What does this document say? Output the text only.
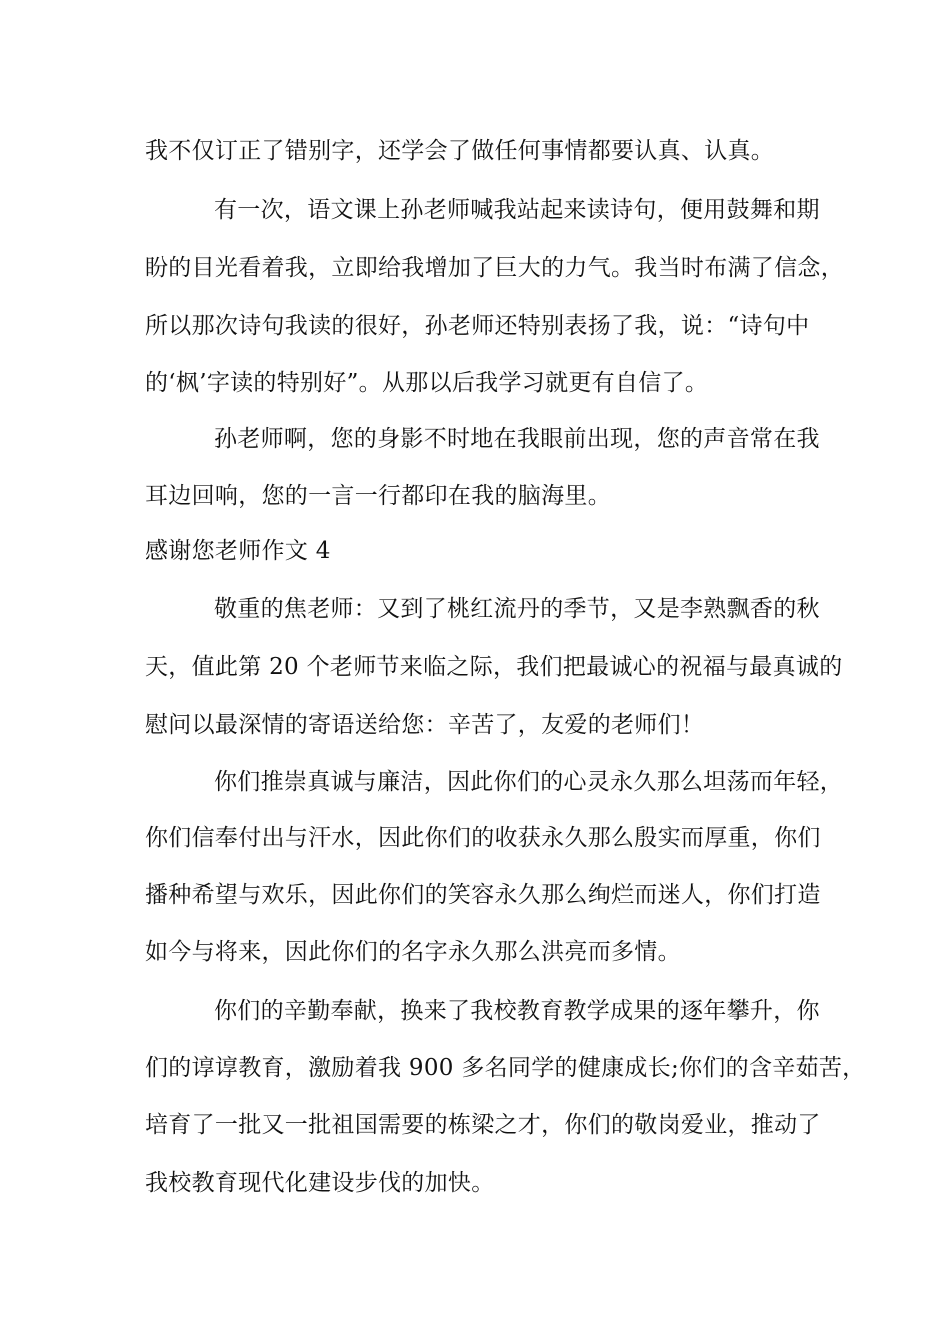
我不仅订正了错别字，还学会了做任何事情都要认真、认真。
有一次，语文课上孙老师喊我站起来读诗句，便用鼓舞和期
盼的目光看着我，立即给我增加了巨大的力气。我当时布满了信念，
所以那次诗句我读的很好，孙老师还特别表扬了我，说：“诗句中
的‘枫’字读的特别好”。从那以后我学习就更有自信了。
孙老师啊，您的身影不时地在我眼前出现，您的声音常在我
耳边回响，您的一言一行都印在我的脑海里。
感谢您老师作文 4
敬重的焦老师：又到了桃红流丹的季节，又是李熟飘香的秋
天，值此第 20 个老师节来临之际，我们把最诚心的祝福与最真诚的
慰问以最深情的寄语送给您：辛苦了，友爱的老师们！
你们推崇真诚与廉洁，因此你们的心灵永久那么坦荡而年轻，
你们信奉付出与汗水，因此你们的收获永久那么殷实而厚重，你们
播种希望与欢乐，因此你们的笑容永久那么绚烂而迷人，你们打造
如今与将来，因此你们的名字永久那么洪亮而多情。
你们的辛勤奉献，换来了我校教育教学成果的逐年攀升，你
们的谆谆教育，激励着我 900 多名同学的健康成长;你们的含辛茹苦，
培育了一批又一批祖国需要的栋梁之才，你们的敬岗爱业，推动了
我校教育现代化建设步伐的加快。
